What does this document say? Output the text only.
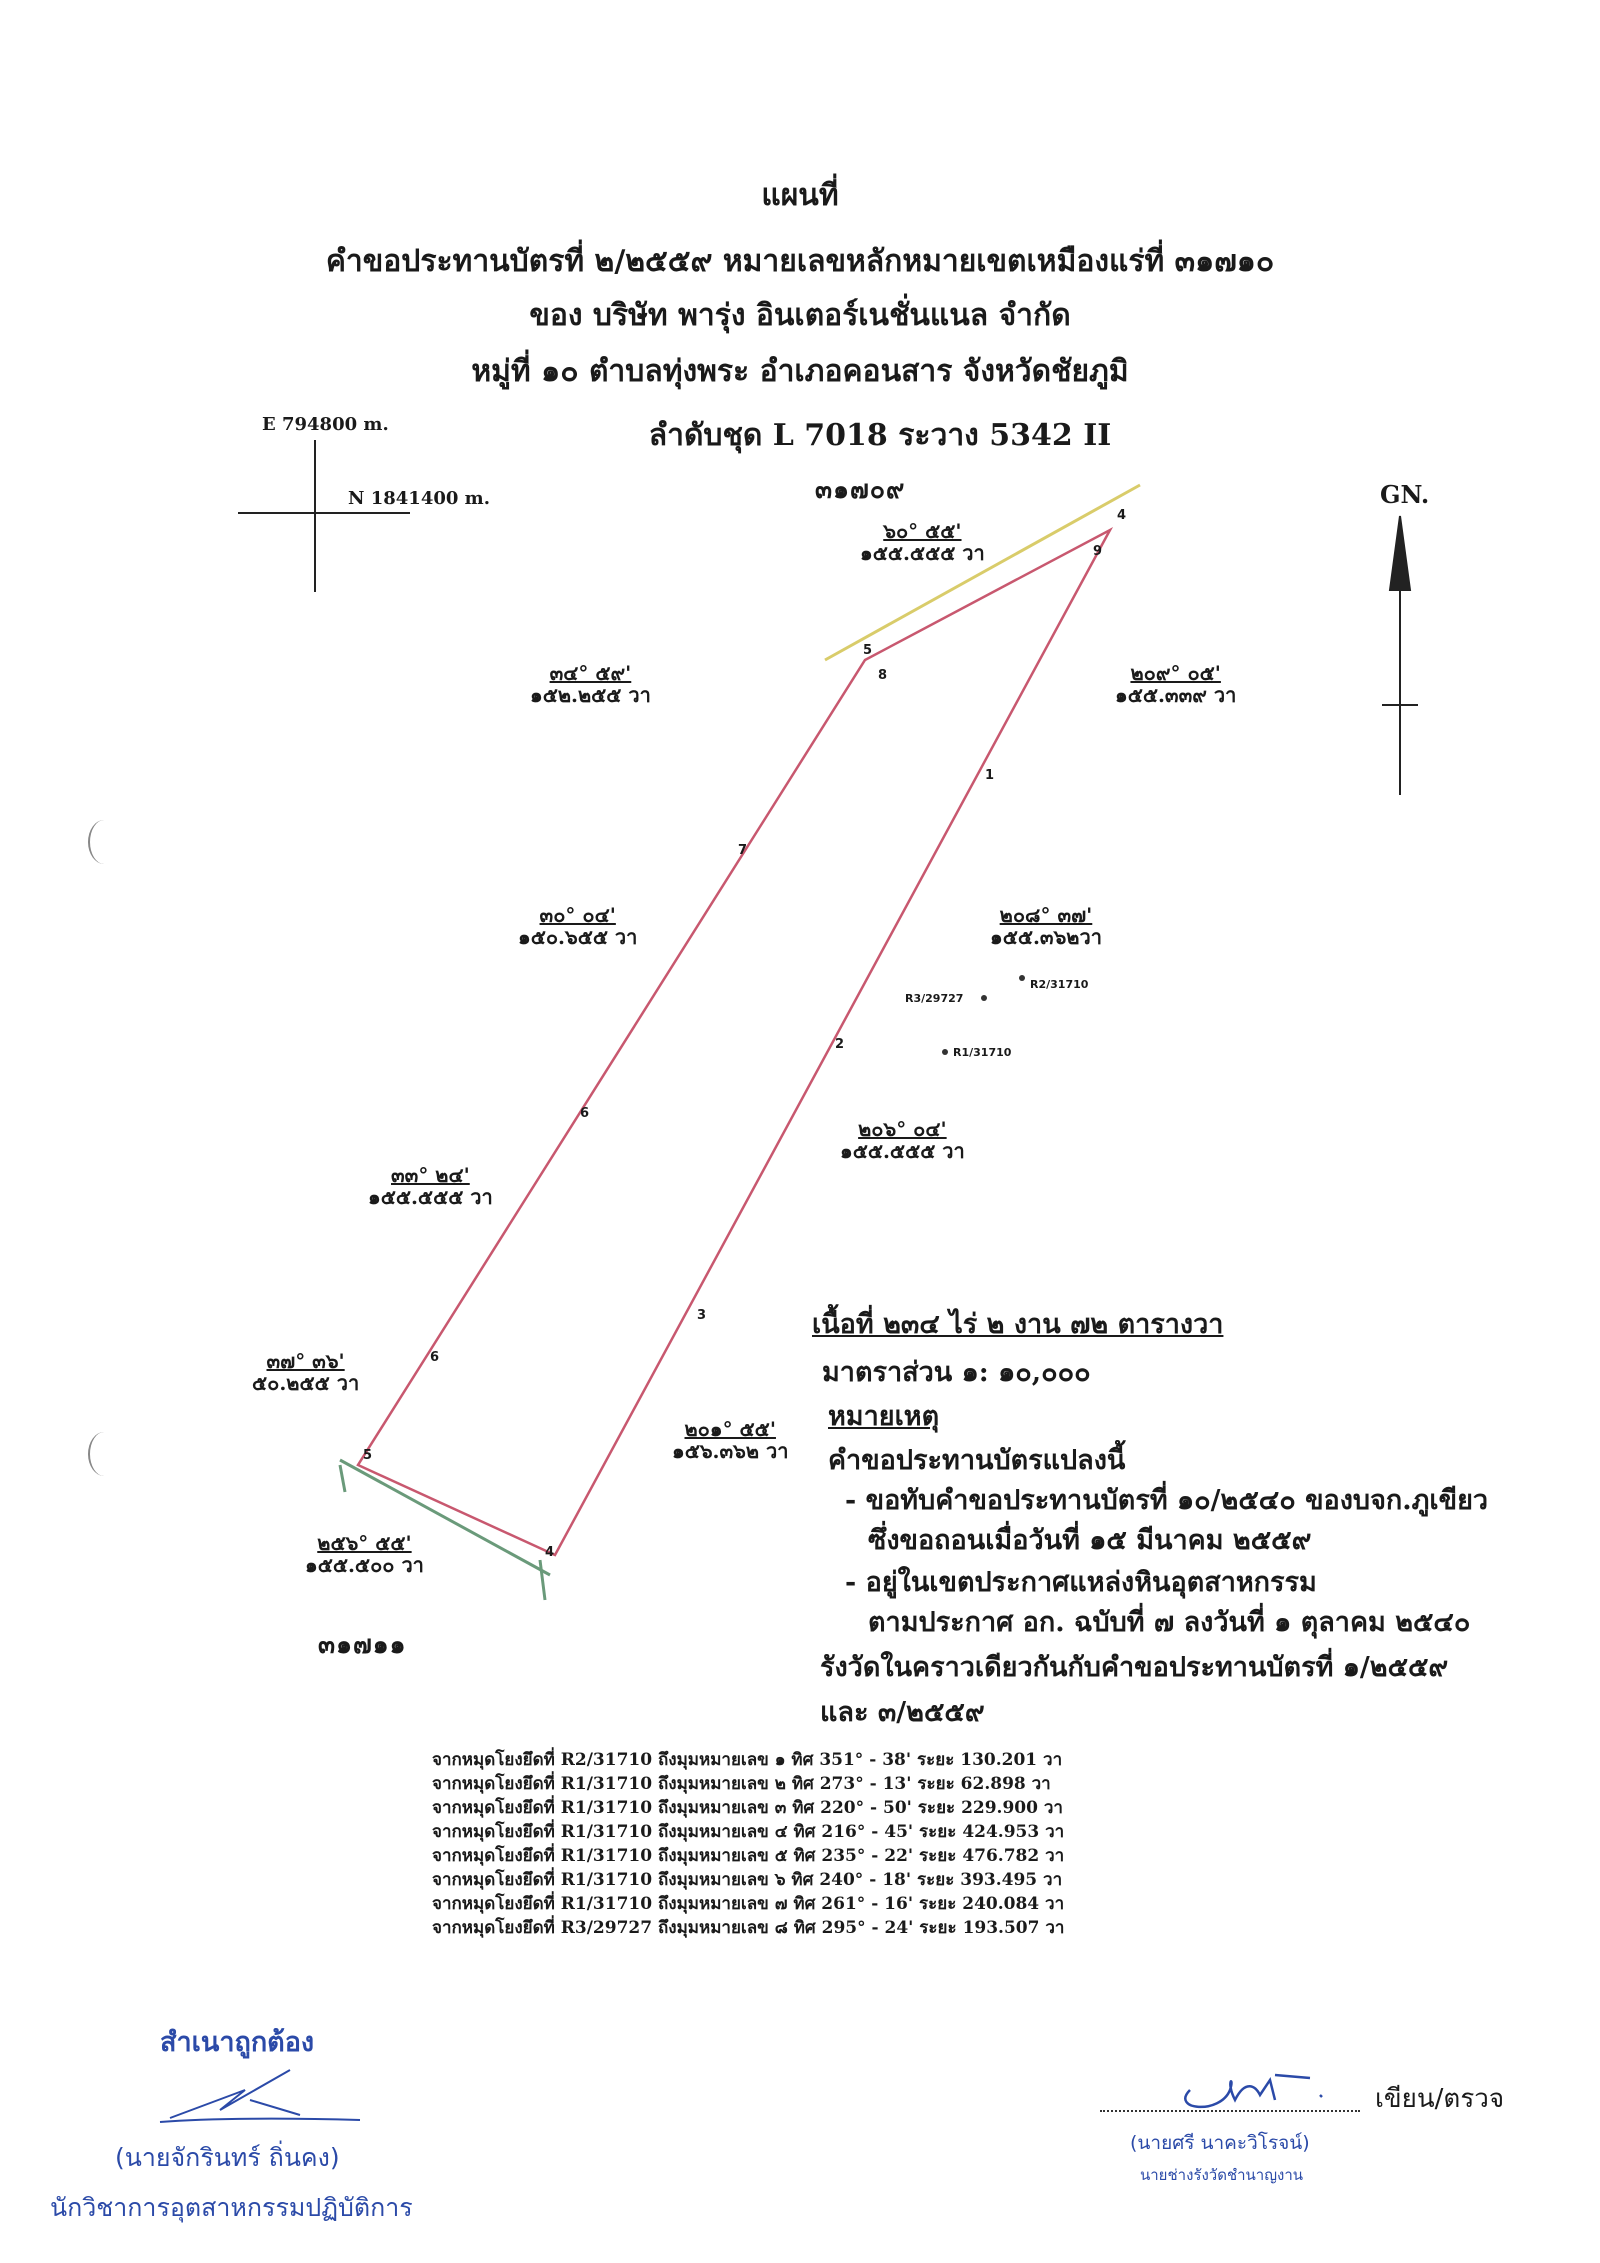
แผนที่
คำขอประทานบัตรที่ ๒/๒๕๕๙ หมายเลขหลักหมายเขตเหมืองแร่ที่ ๓๑๗๑๐
ของ บริษัท พารุ่ง อินเตอร์เนชั่นแนล จำกัด
หมู่ที่ ๑๐ ตำบลทุ่งพระ อำเภอคอนสาร จังหวัดชัยภูมิ
ลำดับชุด L 7018 ระวาง 5342 II
E 794800 m.
N 1841400 m.	๓๑๗๐๙
๓๑๗๑๑
GN.
4
5
9
8
1
7
2
6
3
6
5
4
R2/31710
R3/29727
R1/31710
๖๐° ๕๕'
๑๕๕.๕๕๕ วา
๓๔° ๕๙'
๑๕๒.๒๕๕ วา
๒๐๙° ๐๕'
๑๕๕.๓๓๙ วา
๓๐° ๐๔'
๑๕๐.๖๕๕ วา
๒๐๘° ๓๗'
๑๕๕.๓๖๒วา
๓๓° ๒๔'
๑๕๕.๕๕๕ วา
๒๐๖° ๐๔'
๑๕๕.๕๕๕ วา
๓๗° ๓๖'
๕๐.๒๕๕ วา
๒๐๑° ๕๕'
๑๕๖.๓๖๒ วา
๒๕๖° ๕๕'
๑๕๕.๕๐๐ วา
เนื้อที่ ๒๓๔ ไร่ ๒ งาน ๗๒ ตารางวา
มาตราส่วน ๑: ๑๐,๐๐๐
หมายเหตุ
คำขอประทานบัตรแปลงนี้
- ขอทับคำขอประทานบัตรที่ ๑๐/๒๕๔๐ ของบจก.ภูเขียว
ซึ่งขอถอนเมื่อวันที่ ๑๕ มีนาคม ๒๕๕๙
- อยู่ในเขตประกาศแหล่งหินอุตสาหกรรม
ตามประกาศ อก. ฉบับที่ ๗ ลงวันที่ ๑ ตุลาคม ๒๕๔๐
รังวัดในคราวเดียวกันกับคำขอประทานบัตรที่ ๑/๒๕๕๙
และ ๓/๒๕๕๙
จากหมุดโยงยึดที่ R2/31710 ถึงมุมหมายเลข ๑ ทิศ 351° - 38' ระยะ 130.201 วา
จากหมุดโยงยึดที่ R1/31710 ถึงมุมหมายเลข ๒ ทิศ 273° - 13' ระยะ 62.898 วา
จากหมุดโยงยึดที่ R1/31710 ถึงมุมหมายเลข ๓ ทิศ 220° - 50' ระยะ 229.900 วา
จากหมุดโยงยึดที่ R1/31710 ถึงมุมหมายเลข ๔ ทิศ 216° - 45' ระยะ 424.953 วา
จากหมุดโยงยึดที่ R1/31710 ถึงมุมหมายเลข ๕ ทิศ 235° - 22' ระยะ 476.782 วา
จากหมุดโยงยึดที่ R1/31710 ถึงมุมหมายเลข ๖ ทิศ 240° - 18' ระยะ 393.495 วา
จากหมุดโยงยึดที่ R1/31710 ถึงมุมหมายเลข ๗ ทิศ 261° - 16' ระยะ 240.084 วา
จากหมุดโยงยึดที่ R3/29727 ถึงมุมหมายเลข ๘ ทิศ 295° - 24' ระยะ 193.507 วา
สำเนาถูกต้อง
(นายจักรินทร์ ถิ่นคง)
นักวิชาการอุตสาหกรรมปฏิบัติการ
เขียน/ตรวจ
(นายศรี นาคะวิโรจน์)
นายช่างรังวัดชำนาญงาน
